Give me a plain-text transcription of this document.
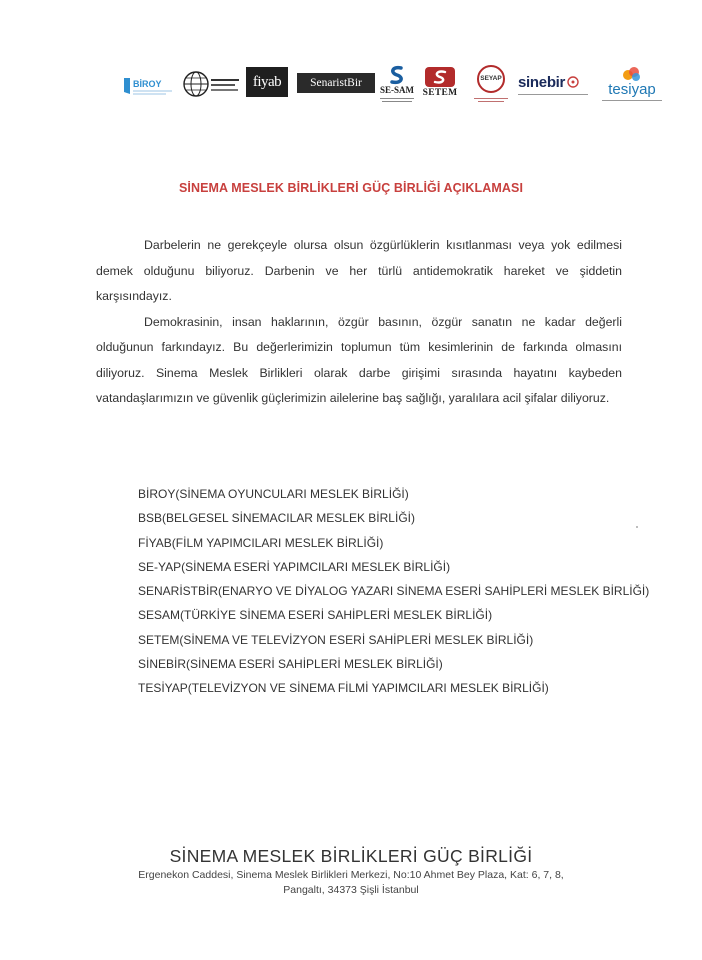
BİROY	fiyab	SenaristBir
SE-SAM SETEM
SEYAP sinebir	tesiyap
SİNEMA MESLEK BİRLİKLERİ GÜÇ BİRLİĞİ AÇIKLAMASI

Darbelerin ne gerekçeyle olursa olsun özgürlüklerin kısıtlanması veya yok edilmesi demek olduğunu biliyoruz. Darbenin ve her türlü antidemokratik hareket ve şiddetin karşısındayız.

Demokrasinin, insan haklarının, özgür basının, özgür sanatın ne kadar değerli olduğunun farkındayız. Bu değerlerimizin toplumun tüm kesimlerinin de farkında olmasını diliyoruz. Sinema Meslek Birlikleri olarak darbe girişimi sırasında hayatını kaybeden vatandaşlarımızın ve güvenlik güçlerimizin ailelerine baş sağlığı, yaralılara acil şifalar diliyoruz.

BİROY(SİNEMA OYUNCULARI MESLEK BİRLİĞİ)
BSB(BELGESEL SİNEMACILAR MESLEK BİRLİĞİ)
FİYAB(FİLM YAPIMCILARI MESLEK BİRLİĞİ)
SE-YAP(SİNEMA ESERİ YAPIMCILARI MESLEK BİRLİĞİ)
SENARİSTBİR(ENARYO VE DİYALOG YAZARI SİNEMA ESERİ SAHİPLERİ MESLEK BİRLİĞİ)
SESAM(TÜRKİYE SİNEMA ESERİ SAHİPLERİ MESLEK BİRLİĞİ)
SETEM(SİNEMA VE TELEVİZYON ESERİ SAHİPLERİ MESLEK BİRLİĞİ)
SİNEBİR(SİNEMA ESERİ SAHİPLERİ MESLEK BİRLİĞİ)
TESİYAP(TELEVİZYON VE SİNEMA FİLMİ YAPIMCILARI MESLEK BİRLİĞİ)
SİNEMA MESLEK BİRLİKLERİ GÜÇ BİRLİĞİ
Ergenekon Caddesi, Sinema Meslek Birlikleri Merkezi, No:10 Ahmet Bey Plaza, Kat: 6, 7, 8,
Pangaltı, 34373 Şişli İstanbul
